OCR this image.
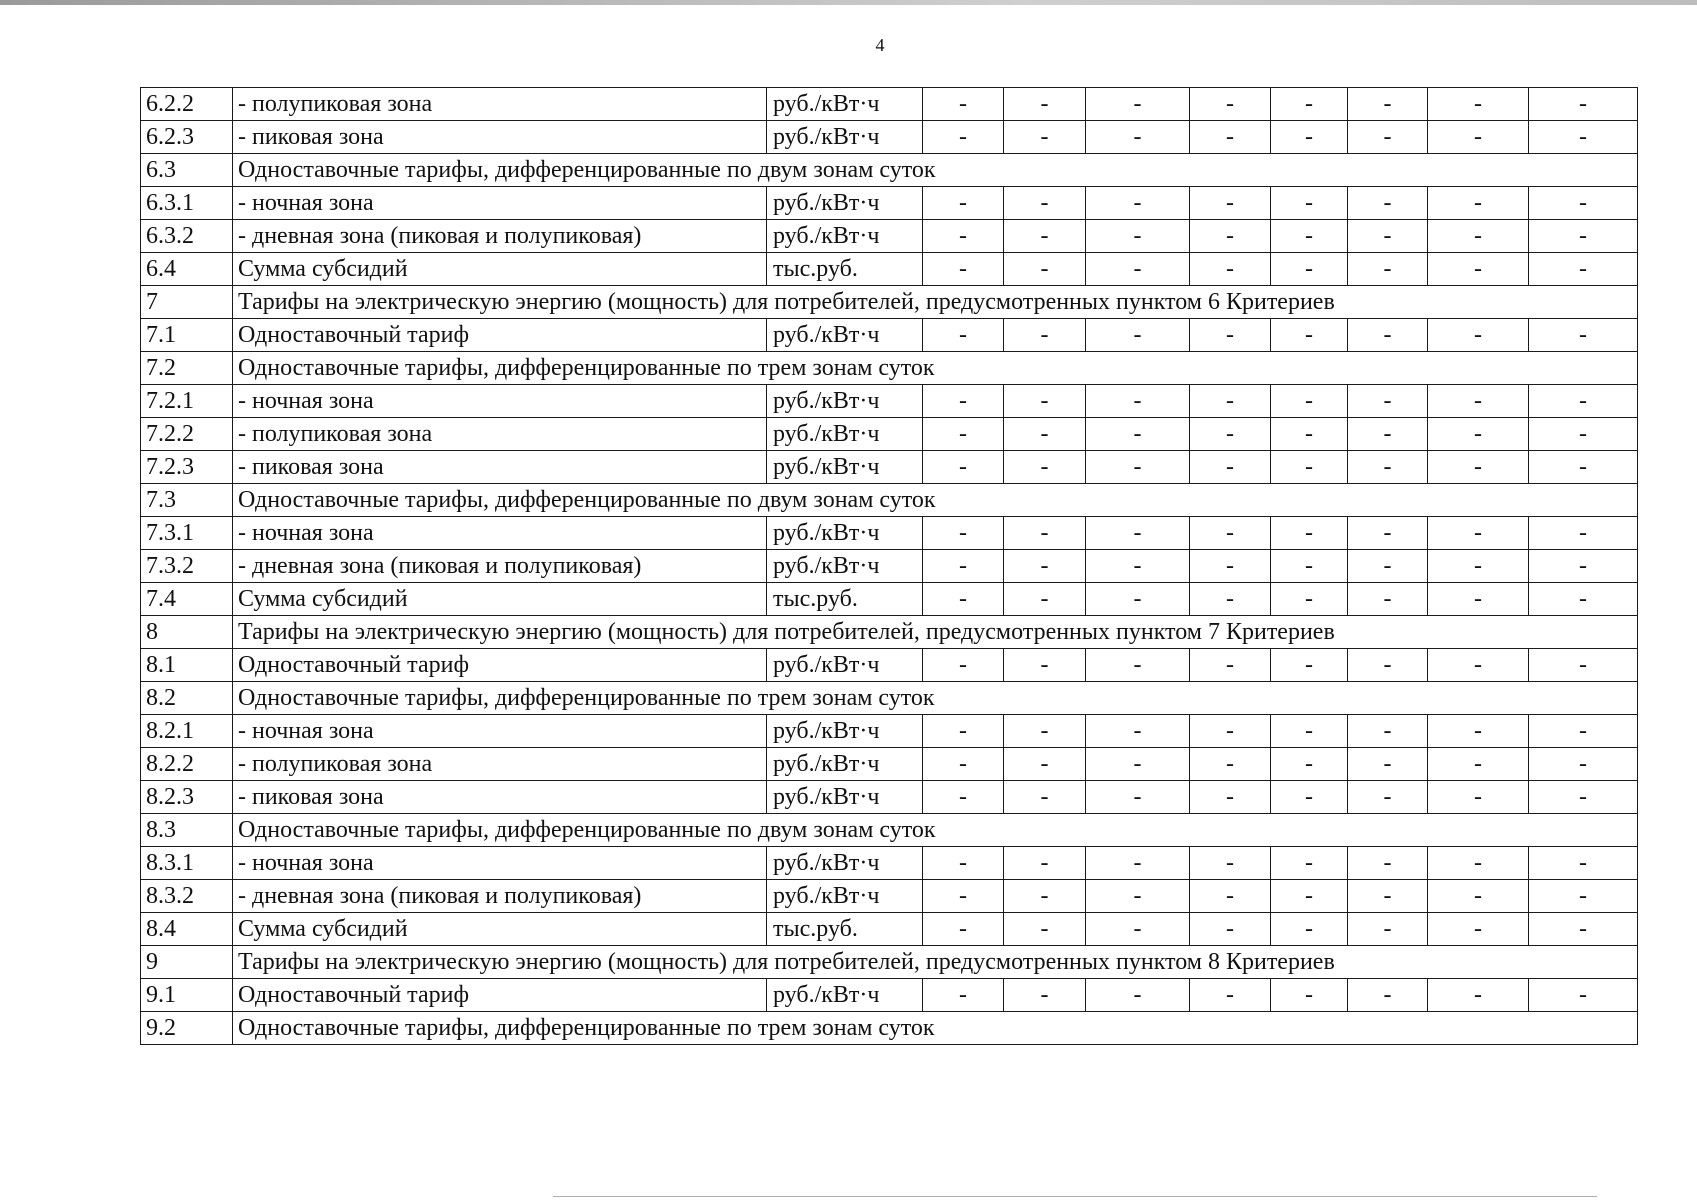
4
6.2.2	- полупиковая зона	руб./кВт·ч	-	-	-	-	-	-	-	-
6.2.3	- пиковая зона	руб./кВт·ч	-	-	-	-	-	-	-	-
6.3	Одноставочные тарифы, дифференцированные по двум зонам суток									
6.3.1	- ночная зона	руб./кВт·ч	-	-	-	-	-	-	-	-
6.3.2	- дневная зона (пиковая и полупиковая)	руб./кВт·ч	-	-	-	-	-	-	-	-
6.4	Сумма субсидий	тыс.руб.	-	-	-	-	-	-	-	-
7	Тарифы на электрическую энергию (мощность) для потребителей, предусмотренных пунктом 6 Критериев									
7.1	Одноставочный тариф	руб./кВт·ч	-	-	-	-	-	-	-	-
7.2	Одноставочные тарифы, дифференцированные по трем зонам суток									
7.2.1	- ночная зона	руб./кВт·ч	-	-	-	-	-	-	-	-
7.2.2	- полупиковая зона	руб./кВт·ч	-	-	-	-	-	-	-	-
7.2.3	- пиковая зона	руб./кВт·ч	-	-	-	-	-	-	-	-
7.3	Одноставочные тарифы, дифференцированные по двум зонам суток									
7.3.1	- ночная зона	руб./кВт·ч	-	-	-	-	-	-	-	-
7.3.2	- дневная зона (пиковая и полупиковая)	руб./кВт·ч	-	-	-	-	-	-	-	-
7.4	Сумма субсидий	тыс.руб.	-	-	-	-	-	-	-	-
8	Тарифы на электрическую энергию (мощность) для потребителей, предусмотренных пунктом 7 Критериев									
8.1	Одноставочный тариф	руб./кВт·ч	-	-	-	-	-	-	-	-
8.2	Одноставочные тарифы, дифференцированные по трем зонам суток									
8.2.1	- ночная зона	руб./кВт·ч	-	-	-	-	-	-	-	-
8.2.2	- полупиковая зона	руб./кВт·ч	-	-	-	-	-	-	-	-
8.2.3	- пиковая зона	руб./кВт·ч	-	-	-	-	-	-	-	-
8.3	Одноставочные тарифы, дифференцированные по двум зонам суток									
8.3.1	- ночная зона	руб./кВт·ч	-	-	-	-	-	-	-	-
8.3.2	- дневная зона (пиковая и полупиковая)	руб./кВт·ч	-	-	-	-	-	-	-	-
8.4	Сумма субсидий	тыс.руб.	-	-	-	-	-	-	-	-
9	Тарифы на электрическую энергию (мощность) для потребителей, предусмотренных пунктом 8 Критериев									
9.1	Одноставочный тариф	руб./кВт·ч	-	-	-	-	-	-	-	-
9.2	Одноставочные тарифы, дифференцированные по трем зонам суток									
